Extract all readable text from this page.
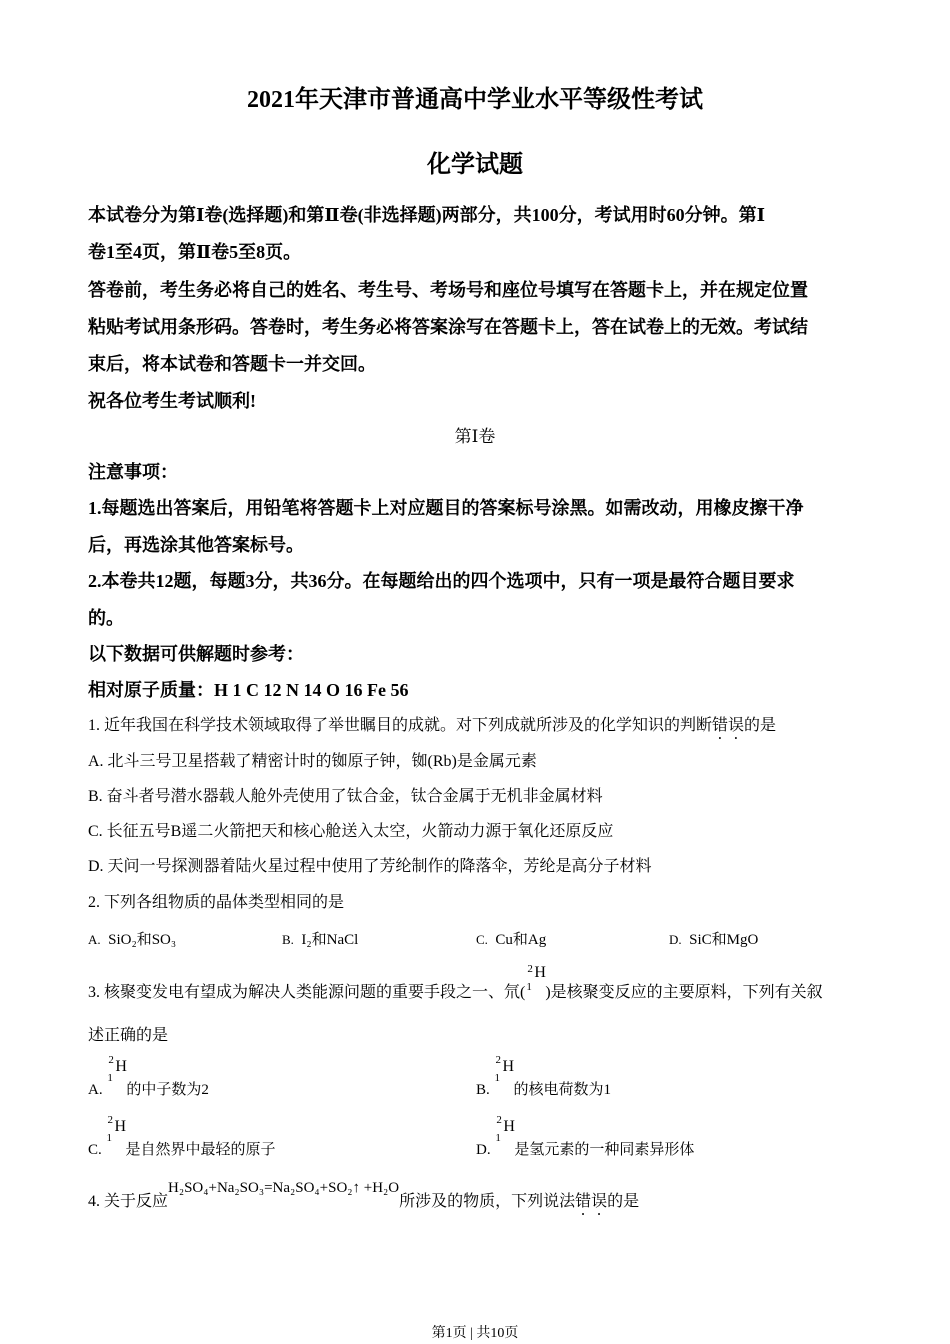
2021年天津市普通高中学业水平等级性考试
化学试题
本试卷分为第Ⅰ卷(选择题)和第Ⅱ卷(非选择题)两部分，共100分，考试用时60分钟。第Ⅰ
卷1至4页，第Ⅱ卷5至8页。
答卷前，考生务必将自己的姓名、考生号、考场号和座位号填写在答题卡上，并在规定位置
粘贴考试用条形码。答卷时，考生务必将答案涂写在答题卡上，答在试卷上的无效。考试结
束后，将本试卷和答题卡一并交回。
祝各位考生考试顺利!
第Ⅰ卷
注意事项：
1.每题选出答案后，用铅笔将答题卡上对应题目的答案标号涂黑。如需改动，用橡皮擦干净
后，再选涂其他答案标号。
2.本卷共12题，每题3分，共36分。在每题给出的四个选项中，只有一项是最符合题目要求
的。
以下数据可供解题时参考：
相对原子质量：H 1 C 12 N 14 O 16 Fe 56
1. 近年我国在科学技术领域取得了举世瞩目的成就。对下列成就所涉及的化学知识的判断错误的是
A. 北斗三号卫星搭载了精密计时的铷原子钟，铷(Rb)是金属元素
B. 奋斗者号潜水器载人舱外壳使用了钛合金，钛合金属于无机非金属材料
C. 长征五号B遥二火箭把天和核心舱送入太空，火箭动力源于氧化还原反应
D. 天问一号探测器着陆火星过程中使用了芳纶制作的降落伞，芳纶是高分子材料
2. 下列各组物质的晶体类型相同的是
A. SiO₂和SO₃	B. I₂和NaCl	C. Cu和Ag	D. SiC和MgO
3. 核聚变发电有望成为解决人类能源问题的重要手段之一、氘(
2
1
H
)是核聚变反应的主要原料，下列有关叙
述正确的是
A.
2
1
H
的中子数为2	B.
2
1
H
的核电荷数为1
C.
2
1
H
是自然界中最轻的原子	D.
2
1
H
是氢元素的一种同素异形体
4. 关于反应H₂SO₄+Na₂SO₃=Na₂SO₄+SO₂↑ +H₂O所涉及的物质，下列说法错误的是
第1页 | 共10页
